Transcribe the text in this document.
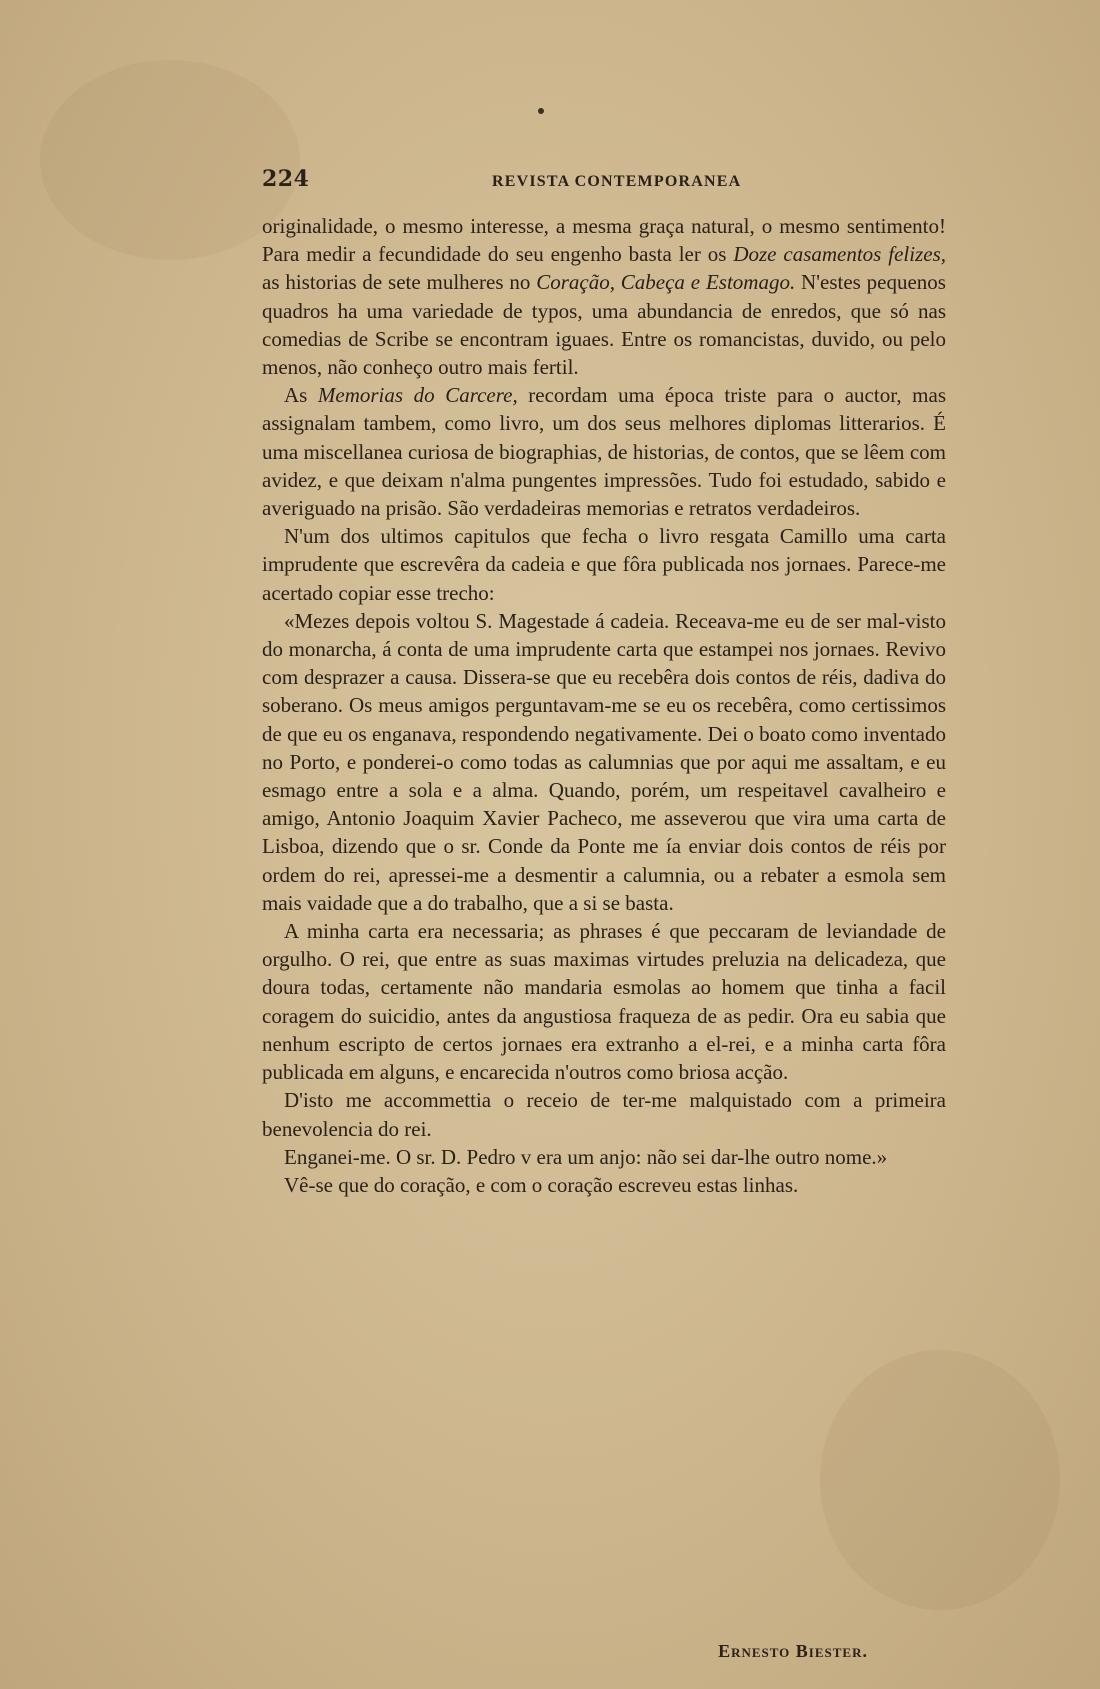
224	REVISTA CONTEMPORANEA

originalidade, o mesmo interesse, a mesma graça natural, o mesmo sentimento! Para medir a fecundidade do seu engenho basta ler os Doze casamentos felizes, as historias de sete mulheres no Coração, Cabeça e Estomago. N'estes pequenos quadros ha uma variedade de typos, uma abundancia de enredos, que só nas comedias de Scribe se encontram iguaes. Entre os romancistas, duvido, ou pelo menos, não conheço outro mais fertil.

As Memorias do Carcere, recordam uma época triste para o auctor, mas assignalam tambem, como livro, um dos seus melhores diplomas litterarios. É uma miscellanea curiosa de biographias, de historias, de contos, que se lêem com avidez, e que deixam n'alma pungentes impressões. Tudo foi estudado, sabido e averiguado na prisão. São verdadeiras memorias e retratos verdadeiros.

N'um dos ultimos capitulos que fecha o livro resgata Camillo uma carta imprudente que escrevêra da cadeia e que fôra publicada nos jornaes. Parece-me acertado copiar esse trecho:

«Mezes depois voltou S. Magestade á cadeia. Receava-me eu de ser mal-visto do monarcha, á conta de uma imprudente carta que estampei nos jornaes. Revivo com desprazer a causa. Dissera-se que eu recebêra dois contos de réis, dadiva do soberano. Os meus amigos perguntavam-me se eu os recebêra, como certissimos de que eu os enganava, respondendo negativamente. Dei o boato como inventado no Porto, e ponderei-o como todas as calumnias que por aqui me assaltam, e eu esmago entre a sola e a alma. Quando, porém, um respeitavel cavalheiro e amigo, Antonio Joaquim Xavier Pacheco, me asseverou que vira uma carta de Lisboa, dizendo que o sr. Conde da Ponte me ía enviar dois contos de réis por ordem do rei, apressei-me a desmentir a calumnia, ou a rebater a esmola sem mais vaidade que a do trabalho, que a si se basta.

A minha carta era necessaria; as phrases é que peccaram de leviandade de orgulho. O rei, que entre as suas maximas virtudes preluzia na delicadeza, que doura todas, certamente não mandaria esmolas ao homem que tinha a facil coragem do suicidio, antes da angustiosa fraqueza de as pedir. Ora eu sabia que nenhum escripto de certos jornaes era extranho a el-rei, e a minha carta fôra publicada em alguns, e encarecida n'outros como briosa acção.

D'isto me accommettia o receio de ter-me malquistado com a primeira benevolencia do rei.

Enganei-me. O sr. D. Pedro v era um anjo: não sei dar-lhe outro nome.»

Vê-se que do coração, e com o coração escreveu estas linhas.

Ernesto Biester.
